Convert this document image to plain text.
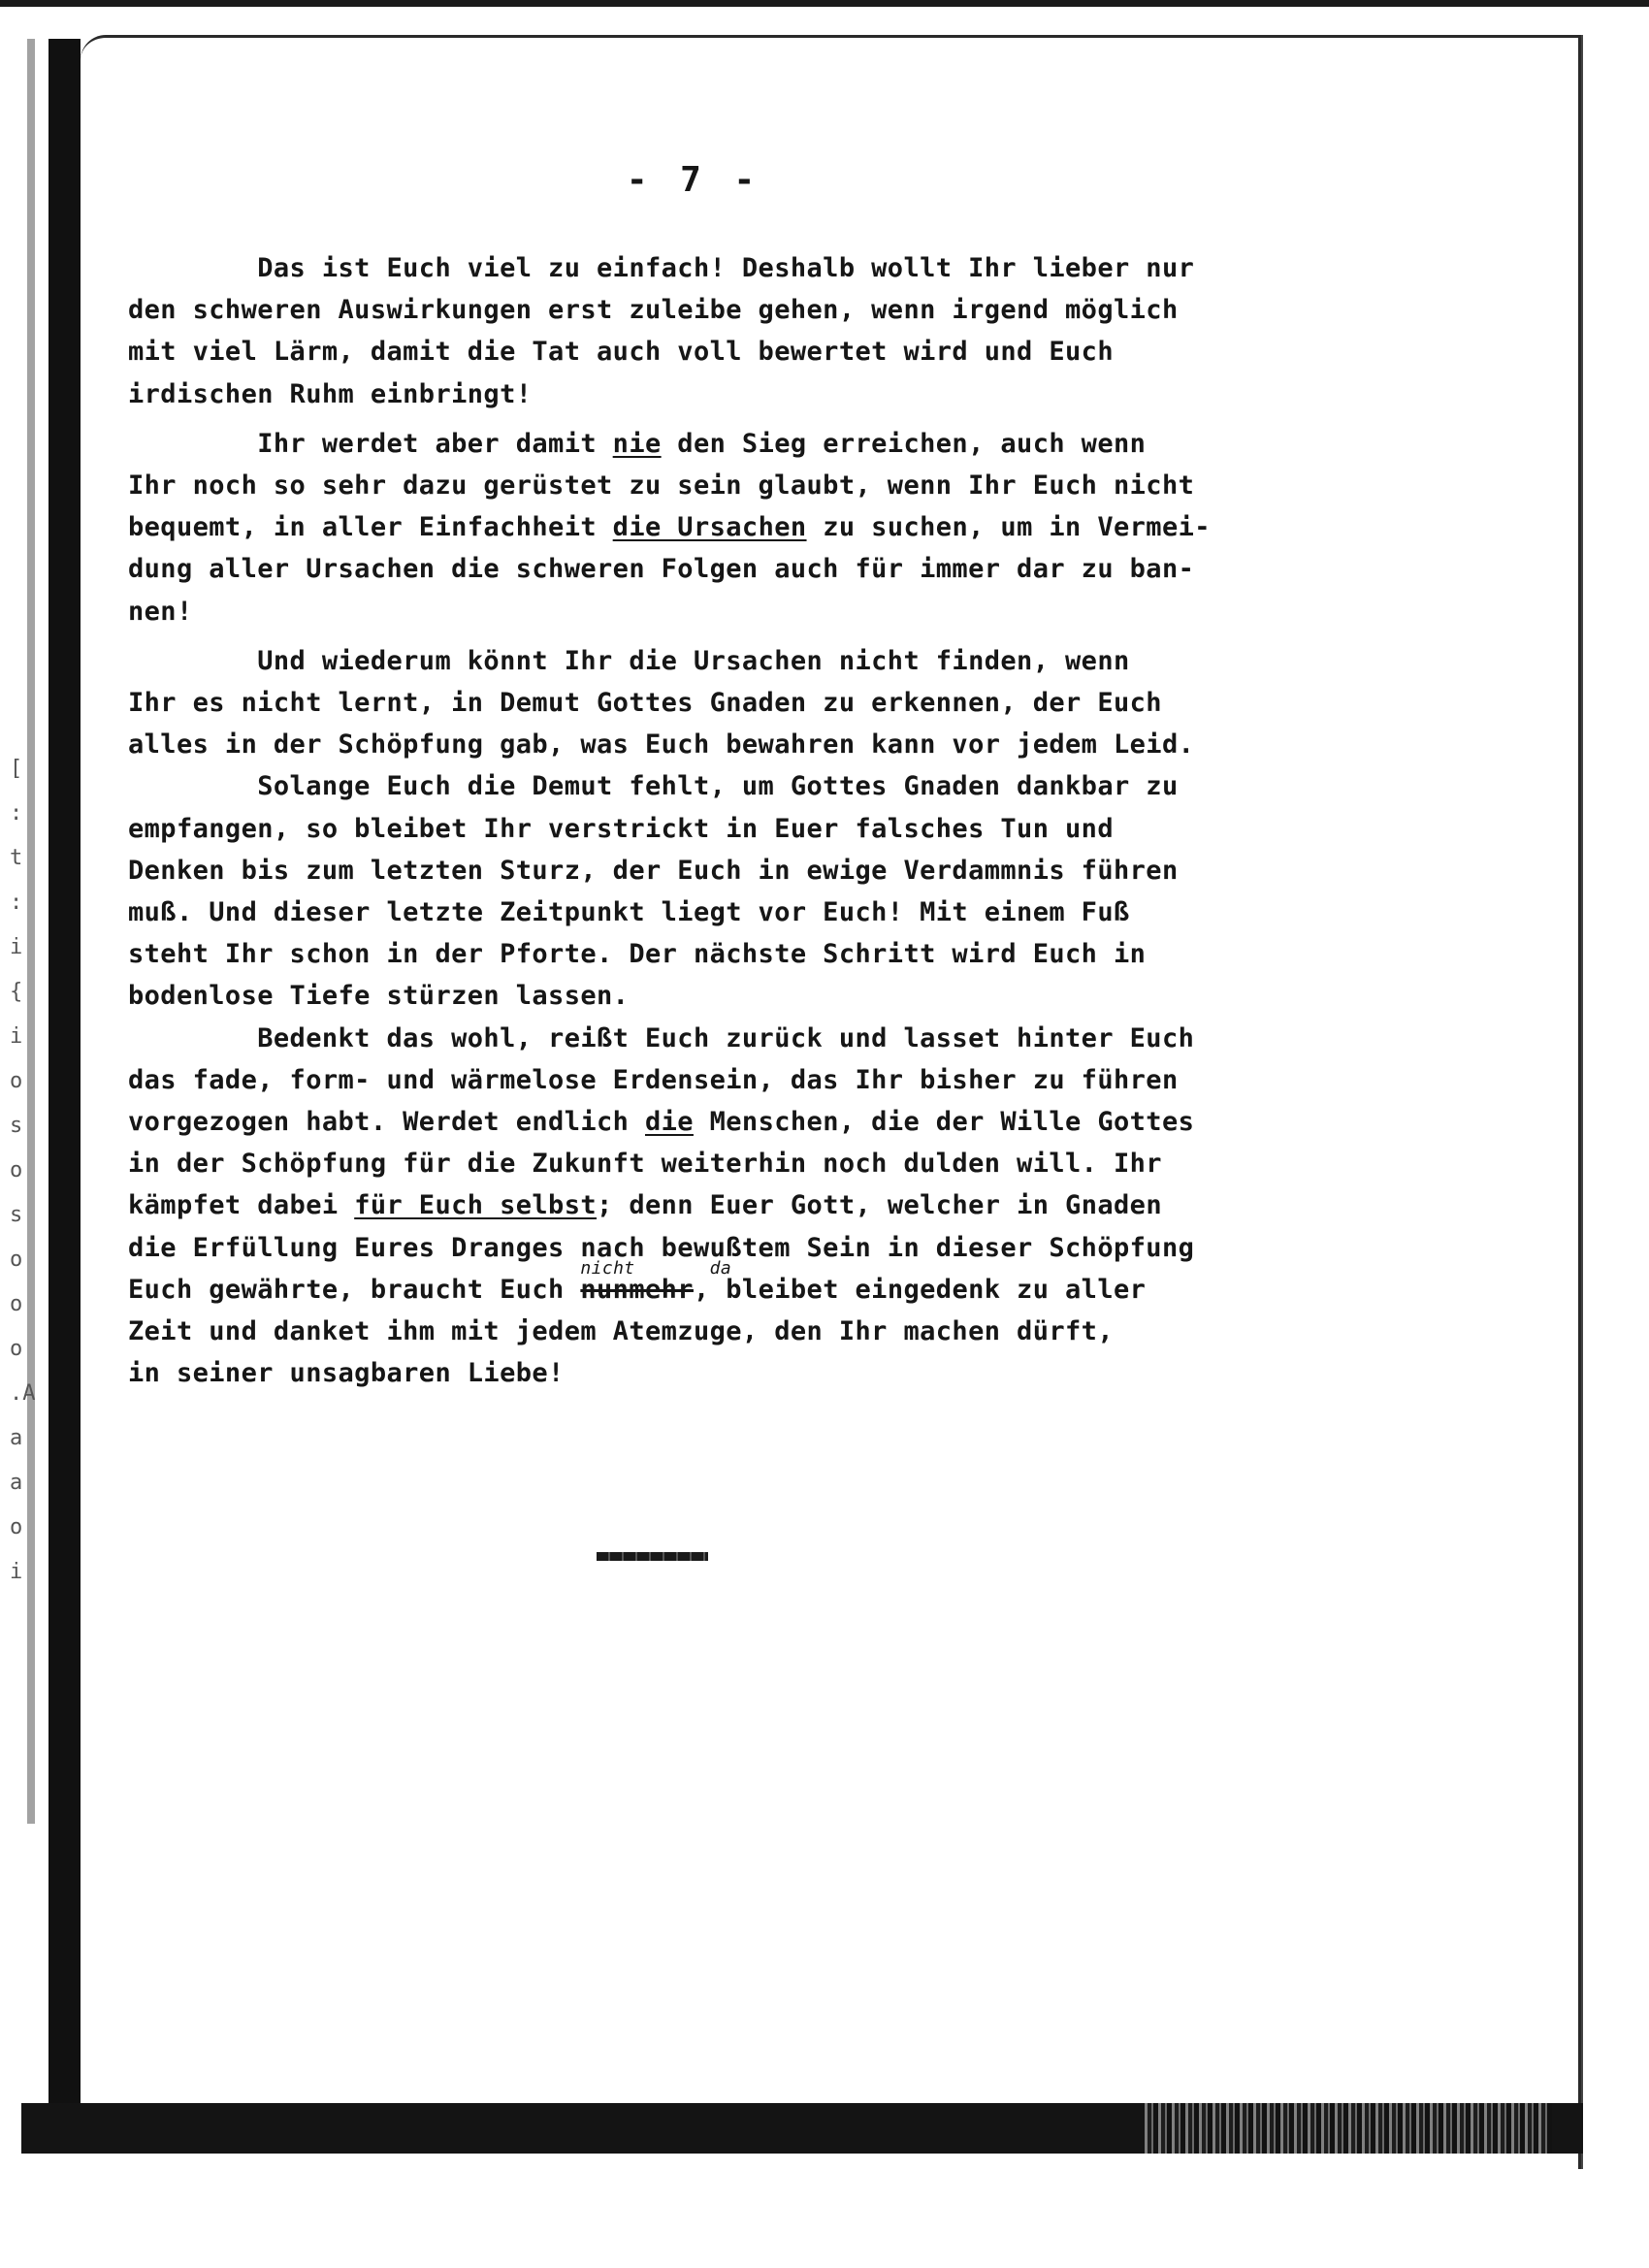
[
:
t
:
i
{
i
o
s
o
s
o
o
o
.A
a
a
o
i

- 7 -

Das ist Euch viel zu einfach! Deshalb wollt Ihr lieber nur
den schweren Auswirkungen erst zuleibe gehen, wenn irgend möglich
mit viel Lärm, damit die Tat auch voll bewertet wird und Euch
irdischen Ruhm einbringt!
Ihr werdet aber damit nie den Sieg erreichen, auch wenn
Ihr noch so sehr dazu gerüstet zu sein glaubt, wenn Ihr Euch nicht
bequemt, in aller Einfachheit die Ursachen zu suchen, um in Vermei-
dung aller Ursachen die schweren Folgen auch für immer dar zu ban-
nen!
Und wiederum könnt Ihr die Ursachen nicht finden, wenn
Ihr es nicht lernt, in Demut Gottes Gnaden zu erkennen, der Euch
alles in der Schöpfung gab, was Euch bewahren kann vor jedem Leid.
Solange Euch die Demut fehlt, um Gottes Gnaden dankbar zu
empfangen, so bleibet Ihr verstrickt in Euer falsches Tun und
Denken bis zum letzten Sturz, der Euch in ewige Verdammnis führen
muß. Und dieser letzte Zeitpunkt liegt vor Euch! Mit einem Fuß
steht Ihr schon in der Pforte. Der nächste Schritt wird Euch in
bodenlose Tiefe stürzen lassen.
Bedenkt das wohl, reißt Euch zurück und lasset hinter Euch
das fade, form- und wärmelose Erdensein, das Ihr bisher zu führen
vorgezogen habt. Werdet endlich die Menschen, die der Wille Gottes
in der Schöpfung für die Zukunft weiterhin noch dulden will. Ihr
kämpfet dabei für Euch selbst; denn Euer Gott, welcher in Gnaden
die Erfüllung Eures Dranges nach bewußtem Sein in dieser Schöpfung
Euch gewährte, braucht Euch
nicht
nunmehr,
da
bleibet eingedenk zu aller
Zeit und danket ihm mit jedem Atemzuge, den Ihr machen dürft,
in seiner unsagbaren Liebe!
